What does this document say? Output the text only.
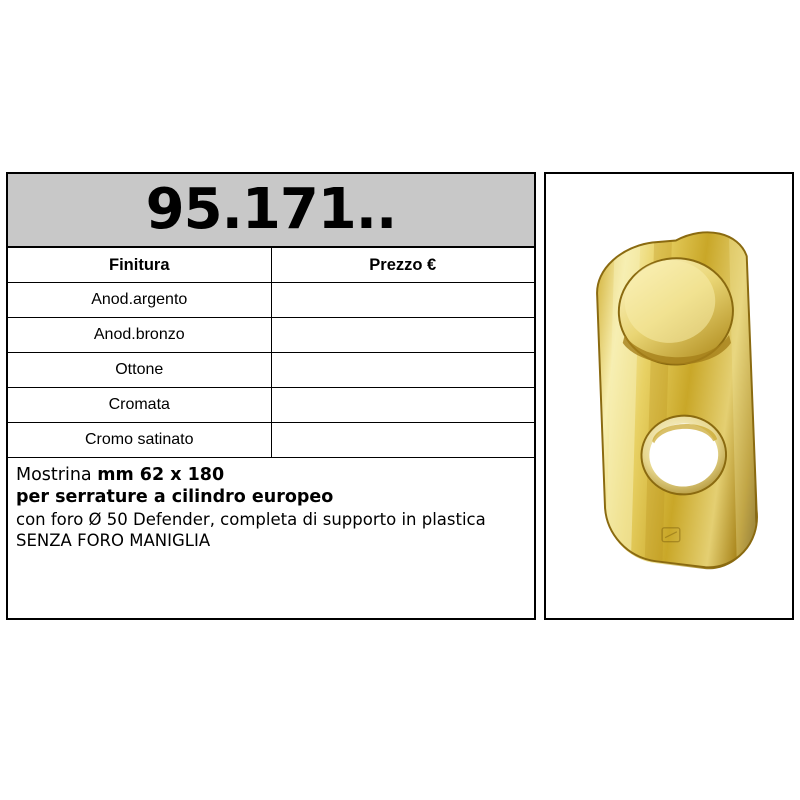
95.171..
Finitura	Prezzo €
Anod.argento	
Anod.bronzo	
Ottone	
Cromata	
Cromo satinato	
Mostrina mm 62 x 180
per serrature a cilindro europeo
con foro Ø 50 Defender, completa di supporto in plastica
SENZA FORO MANIGLIA
